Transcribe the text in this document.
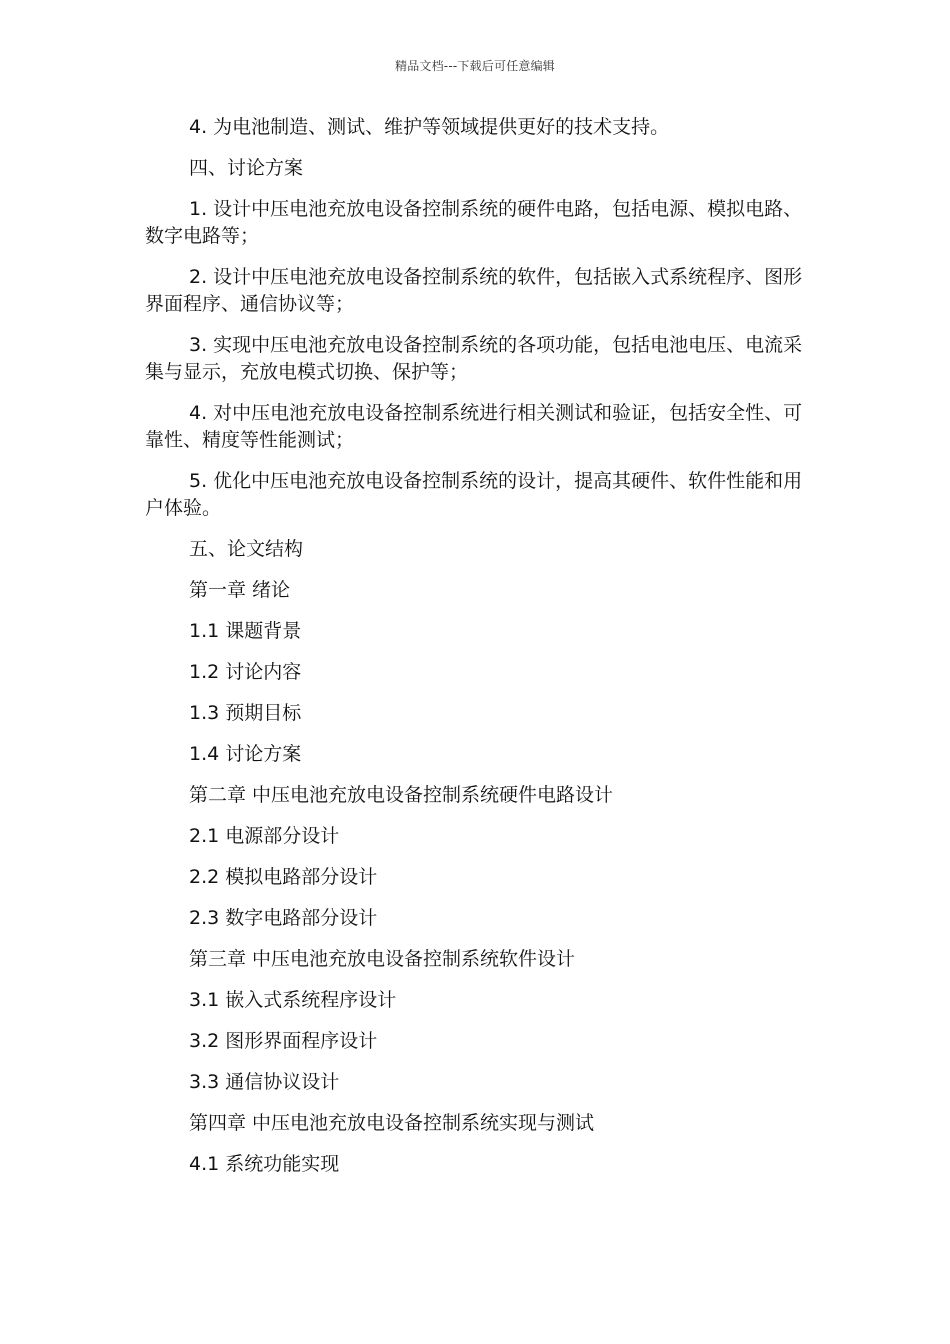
精品文档---下载后可任意编辑

4. 为电池制造、测试、维护等领域提供更好的技术支持。

四、讨论方案

1. 设计中压电池充放电设备控制系统的硬件电路，包括电源、模拟电路、数字电路等；

2. 设计中压电池充放电设备控制系统的软件，包括嵌入式系统程序、图形界面程序、通信协议等；

3. 实现中压电池充放电设备控制系统的各项功能，包括电池电压、电流采集与显示，充放电模式切换、保护等；

4. 对中压电池充放电设备控制系统进行相关测试和验证，包括安全性、可靠性、精度等性能测试；

5. 优化中压电池充放电设备控制系统的设计，提高其硬件、软件性能和用户体验。

五、论文结构

第一章 绪论

1.1 课题背景

1.2 讨论内容

1.3 预期目标

1.4 讨论方案

第二章 中压电池充放电设备控制系统硬件电路设计

2.1 电源部分设计

2.2 模拟电路部分设计

2.3 数字电路部分设计

第三章 中压电池充放电设备控制系统软件设计

3.1 嵌入式系统程序设计

3.2 图形界面程序设计

3.3 通信协议设计

第四章 中压电池充放电设备控制系统实现与测试

4.1 系统功能实现
